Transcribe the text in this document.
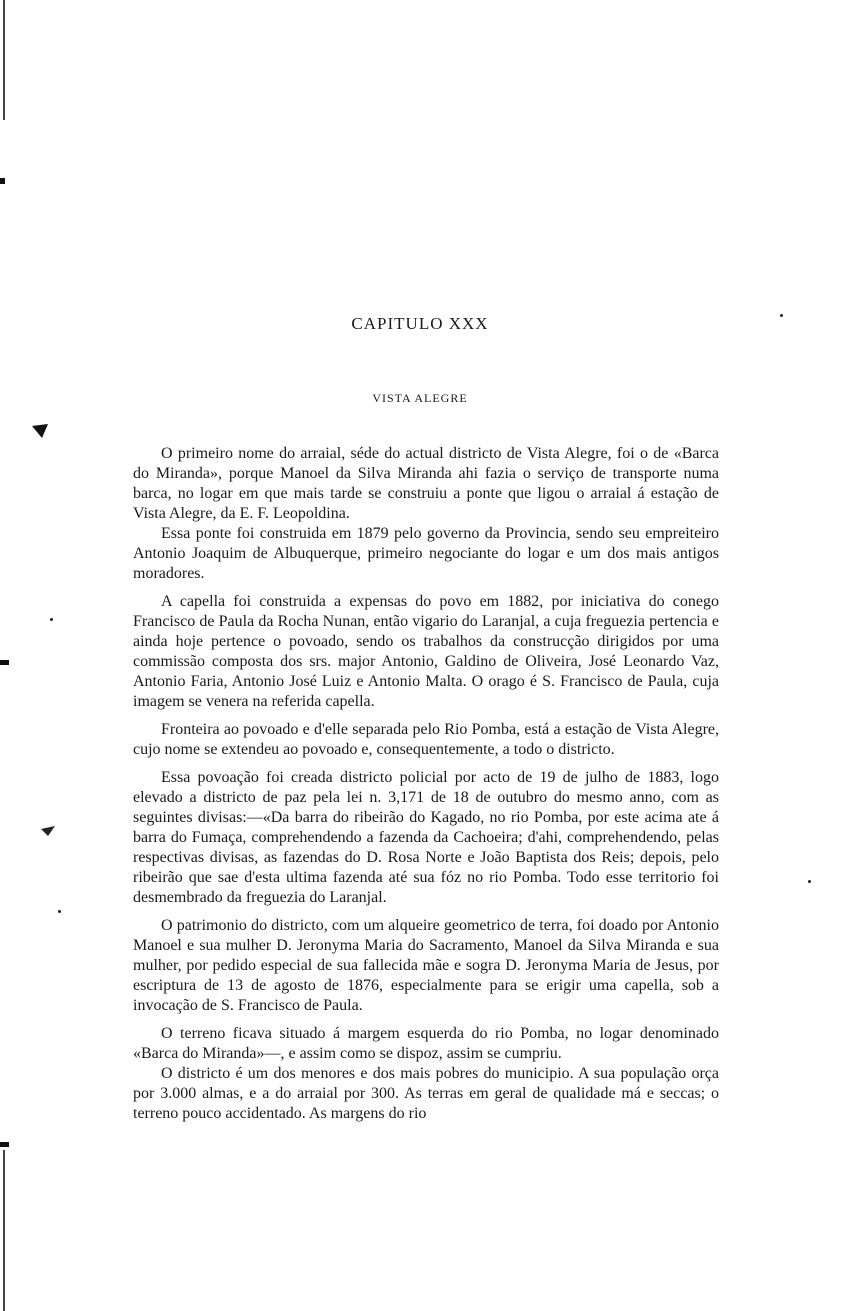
CAPITULO XXX
VISTA ALEGRE

O primeiro nome do arraial, séde do actual districto de Vista Alegre, foi o de «Barca do Miranda», porque Manoel da Silva Miranda ahi fazia o serviço de transporte numa barca, no logar em que mais tarde se construiu a ponte que ligou o arraial á estação de Vista Alegre, da E. F. Leopoldina.

Essa ponte foi construida em 1879 pelo governo da Provincia, sendo seu empreiteiro Antonio Joaquim de Albuquerque, primeiro negociante do logar e um dos mais antigos moradores.

A capella foi construida a expensas do povo em 1882, por iniciativa do conego Francisco de Paula da Rocha Nunan, então vigario do Laranjal, a cuja freguezia pertencia e ainda hoje pertence o povoado, sendo os trabalhos da construcção dirigidos por uma commissão composta dos srs. major Antonio, Galdino de Oliveira, José Leonardo Vaz, Antonio Faria, Antonio José Luiz e Antonio Malta. O orago é S. Francisco de Paula, cuja imagem se venera na referida capella.

Fronteira ao povoado e d'elle separada pelo Rio Pomba, está a estação de Vista Alegre, cujo nome se extendeu ao povoado e, consequentemente, a todo o districto.

Essa povoação foi creada districto policial por acto de 19 de julho de 1883, logo elevado a districto de paz pela lei n. 3,171 de 18 de outubro do mesmo anno, com as seguintes divisas:—«Da barra do ribeirão do Kagado, no rio Pomba, por este acima ate á barra do Fumaça, comprehendendo a fazenda da Cachoeira; d'ahi, comprehendendo, pelas respectivas divisas, as fazendas do D. Rosa Norte e João Baptista dos Reis; depois, pelo ribeirão que sae d'esta ultima fazenda até sua fóz no rio Pomba. Todo esse territorio foi desmembrado da freguezia do Laranjal.

O patrimonio do districto, com um alqueire geometrico de terra, foi doado por Antonio Manoel e sua mulher D. Jeronyma Maria do Sacramento, Manoel da Silva Miranda e sua mulher, por pedido especial de sua fallecida mãe e sogra D. Jeronyma Maria de Jesus, por escriptura de 13 de agosto de 1876, especialmente para se erigir uma capella, sob a invocação de S. Francisco de Paula.

O terreno ficava situado á margem esquerda do rio Pomba, no logar denominado «Barca do Miranda»—, e assim como se dispoz, assim se cumpriu.

O districto é um dos menores e dos mais pobres do municipio. A sua população orça por 3.000 almas, e a do arraial por 300. As terras em geral de qualidade má e seccas; o terreno pouco accidentado. As margens do rio
